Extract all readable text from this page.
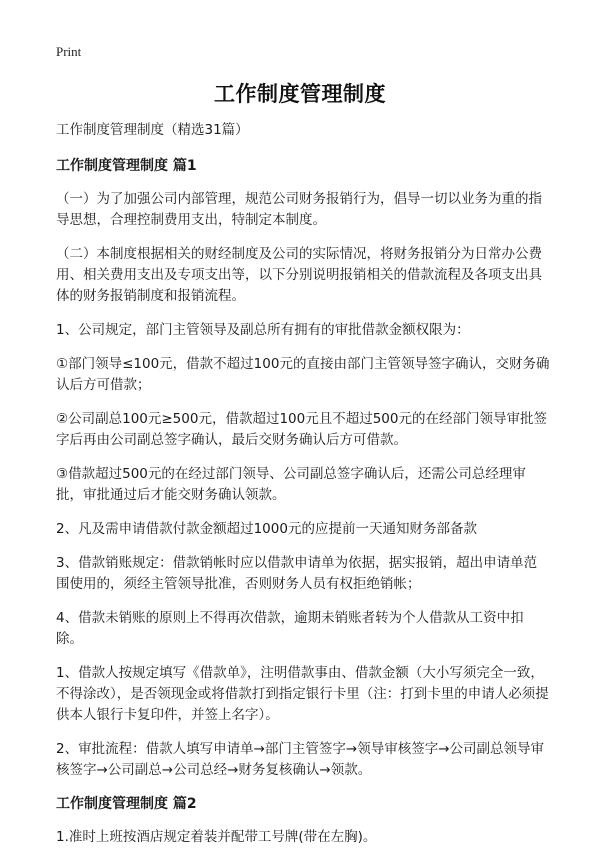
Print
工作制度管理制度

工作制度管理制度（精选31篇）

工作制度管理制度 篇1

（一）为了加强公司内部管理，规范公司财务报销行为，倡导一切以业务为重的指导思想，合理控制费用支出，特制定本制度。

（二）本制度根据相关的财经制度及公司的实际情况，将财务报销分为日常办公费用、相关费用支出及专项支出等，以下分别说明报销相关的借款流程及各项支出具体的财务报销制度和报销流程。

1、公司规定，部门主管领导及副总所有拥有的审批借款金额权限为：

①部门领导≤100元，借款不超过100元的直接由部门主管领导签字确认，交财务确认后方可借款；

②公司副总100元≥500元，借款超过100元且不超过500元的在经部门领导审批签字后再由公司副总签字确认，最后交财务确认后方可借款。

③借款超过500元的在经过部门领导、公司副总签字确认后，还需公司总经理审批，审批通过后才能交财务确认领款。

2、凡及需申请借款付款金额超过1000元的应提前一天通知财务部备款

3、借款销账规定：借款销帐时应以借款申请单为依据，据实报销，超出申请单范围使用的，须经主管领导批准，否则财务人员有权拒绝销帐；

4、借款未销账的原则上不得再次借款，逾期未销账者转为个人借款从工资中扣除。

1、借款人按规定填写《借款单》，注明借款事由、借款金额（大小写须完全一致，不得涂改），是否领现金或将借款打到指定银行卡里（注：打到卡里的申请人必须提供本人银行卡复印件，并签上名字）。

2、审批流程：借款人填写申请单→部门主管签字→领导审核签字→公司副总领导审核签字→公司副总→公司总经→财务复核确认→领款。

工作制度管理制度 篇2

1.准时上班按酒店规定着装并配带工号牌(带在左胸)。
